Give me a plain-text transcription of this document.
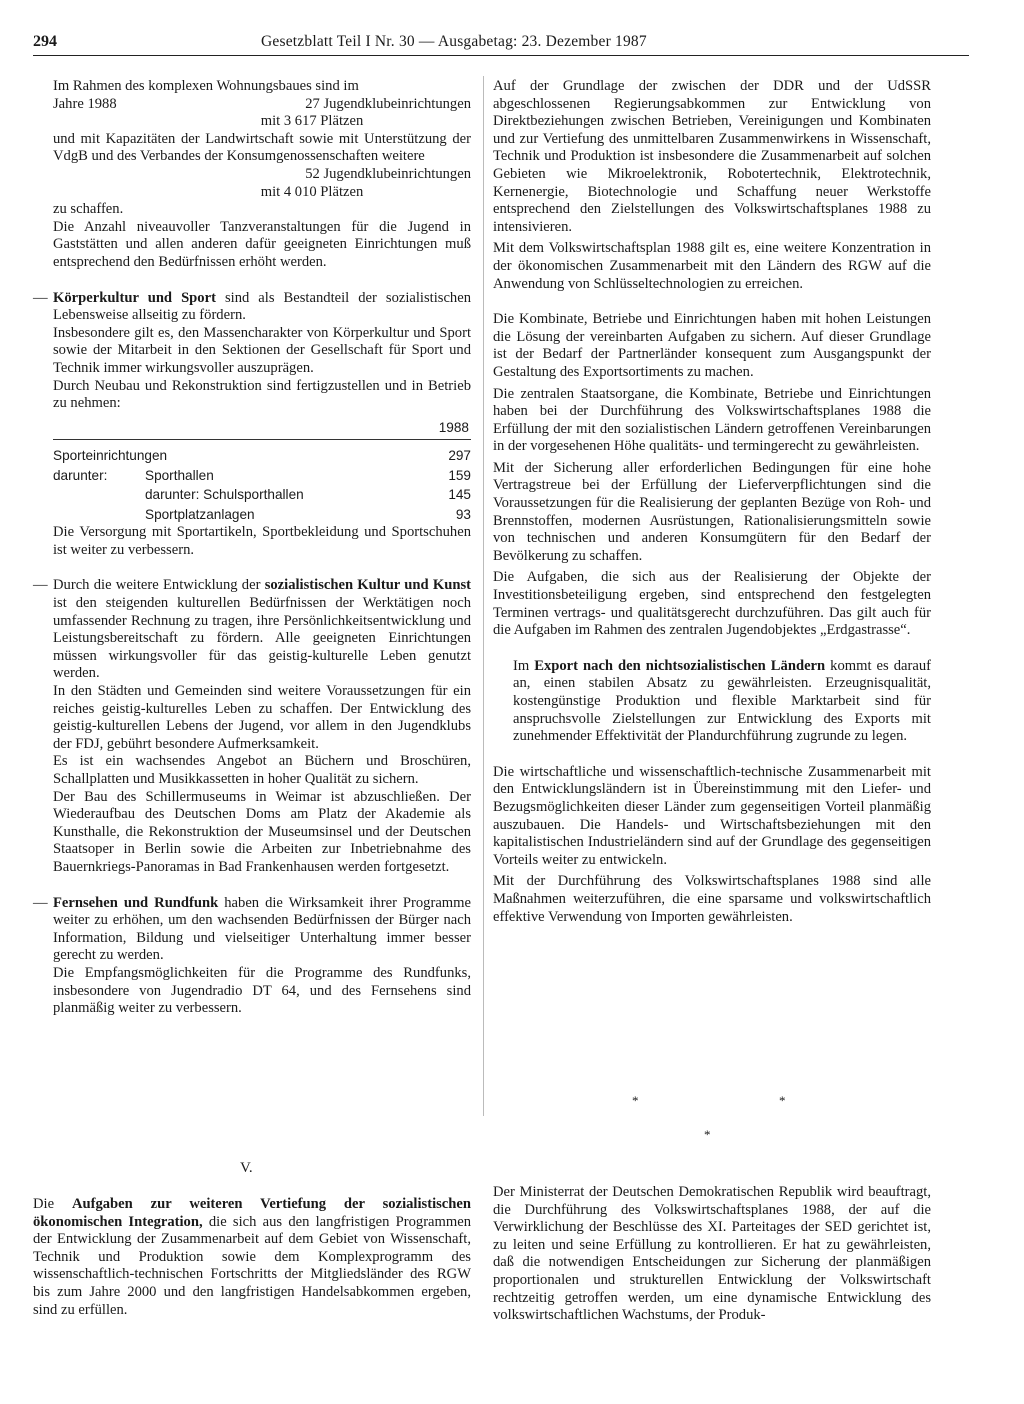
294	Gesetzblatt Teil I Nr. 30 — Ausgabetag: 23. Dezember 1987

Im Rahmen des komplexen Wohnungsbaues sind im

Jahre 1988	27 Jugendklubeinrichtungen

mit 3 617 Plätzen

und mit Kapazitäten der Landwirtschaft sowie mit Unterstützung der VdgB und des Verbandes der Konsumgenossenschaften weitere

52 Jugendklubeinrichtungen

mit 4 010 Plätzen

zu schaffen.

Die Anzahl niveauvoller Tanzveranstaltungen für die Jugend in Gaststätten und allen anderen dafür geeigneten Einrichtungen muß entsprechend den Bedürfnissen erhöht werden.

— Körperkultur und Sport sind als Bestandteil der sozialistischen Lebensweise allseitig zu fördern.

Insbesondere gilt es, den Massencharakter von Körperkultur und Sport sowie der Mitarbeit in den Sektionen der Gesellschaft für Sport und Technik immer wirkungsvoller auszuprägen.

Durch Neubau und Rekonstruktion sind fertigzustellen und in Betrieb zu nehmen:

1988
Sporteinrichtungen	297
darunter:	Sporthallen	159
darunter: Schulsporthallen	145
Sportplatzanlagen	93

Die Versorgung mit Sportartikeln, Sportbekleidung und Sportschuhen ist weiter zu verbessern.

— Durch die weitere Entwicklung der sozialistischen Kultur und Kunst ist den steigenden kulturellen Bedürfnissen der Werktätigen noch umfassender Rechnung zu tragen, ihre Persönlichkeitsentwicklung und Leistungsbereitschaft zu fördern. Alle geeigneten Einrichtungen müssen wirkungsvoller für das geistig-kulturelle Leben genutzt werden.

In den Städten und Gemeinden sind weitere Voraussetzungen für ein reiches geistig-kulturelles Leben zu schaffen. Der Entwicklung des geistig-kulturellen Lebens der Jugend, vor allem in den Jugendklubs der FDJ, gebührt besondere Aufmerksamkeit.

Es ist ein wachsendes Angebot an Büchern und Broschüren, Schallplatten und Musikkassetten in hoher Qualität zu sichern.

Der Bau des Schillermuseums in Weimar ist abzuschließen. Der Wiederaufbau des Deutschen Doms am Platz der Akademie als Kunsthalle, die Rekonstruktion der Museumsinsel und der Deutschen Staatsoper in Berlin sowie die Arbeiten zur Inbetriebnahme des Bauernkriegs-Panoramas in Bad Frankenhausen werden fortgesetzt.

— Fernsehen und Rundfunk haben die Wirksamkeit ihrer Programme weiter zu erhöhen, um den wachsenden Bedürfnissen der Bürger nach Information, Bildung und vielseitiger Unterhaltung immer besser gerecht zu werden.

Die Empfangsmöglichkeiten für die Programme des Rundfunks, insbesondere von Jugendradio DT 64, und des Fernsehens sind planmäßig weiter zu verbessern.

Auf der Grundlage der zwischen der DDR und der UdSSR abgeschlossenen Regierungsabkommen zur Entwicklung von Direktbeziehungen zwischen Betrieben, Vereinigungen und Kombinaten und zur Vertiefung des unmittelbaren Zusammenwirkens in Wissenschaft, Technik und Produktion ist insbesondere die Zusammenarbeit auf solchen Gebieten wie Mikroelektronik, Robotertechnik, Elektrotechnik, Kernenergie, Biotechnologie und Schaffung neuer Werkstoffe entsprechend den Zielstellungen des Volkswirtschaftsplanes 1988 zu intensivieren.

Mit dem Volkswirtschaftsplan 1988 gilt es, eine weitere Konzentration in der ökonomischen Zusammenarbeit mit den Ländern des RGW auf die Anwendung von Schlüsseltechnologien zu erreichen.

Die Kombinate, Betriebe und Einrichtungen haben mit hohen Leistungen die Lösung der vereinbarten Aufgaben zu sichern. Auf dieser Grundlage ist der Bedarf der Partnerländer konsequent zum Ausgangspunkt der Gestaltung des Exportsortiments zu machen.

Die zentralen Staatsorgane, die Kombinate, Betriebe und Einrichtungen haben bei der Durchführung des Volkswirtschaftsplanes 1988 die Erfüllung der mit den sozialistischen Ländern getroffenen Vereinbarungen in der vorgesehenen Höhe qualitäts- und termingerecht zu gewährleisten.

Mit der Sicherung aller erforderlichen Bedingungen für eine hohe Vertragstreue bei der Erfüllung der Lieferverpflichtungen sind die Voraussetzungen für die Realisierung der geplanten Bezüge von Roh- und Brennstoffen, modernen Ausrüstungen, Rationalisierungsmitteln sowie von technischen und anderen Konsumgütern für den Bedarf der Bevölkerung zu schaffen.

Die Aufgaben, die sich aus der Realisierung der Objekte der Investitionsbeteiligung ergeben, sind entsprechend den festgelegten Terminen vertrags- und qualitätsgerecht durchzuführen. Das gilt auch für die Aufgaben im Rahmen des zentralen Jugendobjektes „Erdgastrasse“.

Im Export nach den nichtsozialistischen Ländern kommt es darauf an, einen stabilen Absatz zu gewährleisten. Erzeugnisqualität, kostengünstige Produktion und flexible Marktarbeit sind für anspruchsvolle Zielstellungen zur Entwicklung des Exports mit zunehmender Effektivität der Plandurchführung zugrunde zu legen.

Die wirtschaftliche und wissenschaftlich-technische Zusammenarbeit mit den Entwicklungsländern ist in Übereinstimmung mit den Liefer- und Bezugsmöglichkeiten dieser Länder zum gegenseitigen Vorteil planmäßig auszubauen. Die Handels- und Wirtschaftsbeziehungen mit den kapitalistischen Industrieländern sind auf der Grundlage des gegenseitigen Vorteils weiter zu entwickeln.

Mit der Durchführung des Volkswirtschaftsplanes 1988 sind alle Maßnahmen weiterzuführen, die eine sparsame und volkswirtschaftlich effektive Verwendung von Importen gewährleisten.

*	*
*
V.

Die Aufgaben zur weiteren Vertiefung der sozialistischen ökonomischen Integration, die sich aus den langfristigen Programmen der Entwicklung der Zusammenarbeit auf dem Gebiet von Wissenschaft, Technik und Produktion sowie dem Komplexprogramm des wissenschaftlich-technischen Fortschritts der Mitgliedsländer des RGW bis zum Jahre 2000 und den langfristigen Handelsabkommen ergeben, sind zu erfüllen.

Der Ministerrat der Deutschen Demokratischen Republik wird beauftragt, die Durchführung des Volkswirtschaftsplanes 1988, der auf die Verwirklichung der Beschlüsse des XI. Parteitages der SED gerichtet ist, zu leiten und seine Erfüllung zu kontrollieren. Er hat zu gewährleisten, daß die notwendigen Entscheidungen zur Sicherung der planmäßigen proportionalen und strukturellen Entwicklung der Volkswirtschaft rechtzeitig getroffen werden, um eine dynamische Entwicklung des volkswirtschaftlichen Wachstums, der Produk-
